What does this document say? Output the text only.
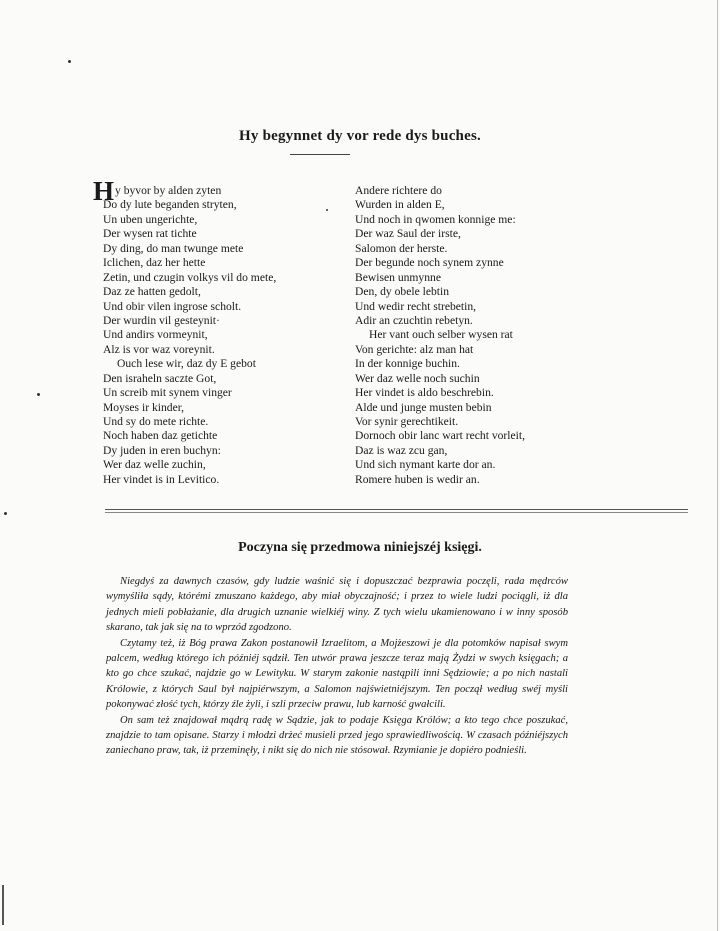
Hy begynnet dy vor rede dys buches.
H y byvor by alden zyten
Do dy lute beganden stryten,
Un uben ungerichte,
Der wysen rat tichte
Dy ding, do man twunge mete
Iclichen, daz her hette
Zetin, und czugin volkys vil do mete,
Daz ze hatten gedolt,
Und obir vilen ingrose scholt.
Der wurdin vil gesteynit·
Und andirs vormeynit,
Alz is vor waz voreynit.
Ouch lese wir, daz dy E gebot
Den israheln saczte Got,
Un screib mit synem vinger
Moyses ir kinder,
Und sy do mete richte.
Noch haben daz getichte
Dy juden in eren buchyn:
Wer daz welle zuchin,
Her vindet is in Levitico.
Andere richtere do
Wurden in alden E,
Und noch in qwomen konnige me:
Der waz Saul der irste,
Salomon der herste.
Der begunde noch synem zynne
Bewisen unmynne
Den, dy obele lebtin
Und wedir recht strebetin,
Adir an czuchtin rebetyn.
Her vant ouch selber wysen rat
Von gerichte: alz man hat
In der konnige buchin.
Wer daz welle noch suchin
Her vindet is aldo beschrebin.
Alde und junge musten bebin
Vor synir gerechtikeit.
Dornoch obir lanc wart recht vorleit,
Daz is waz zcu gan,
Und sich nymant karte dor an.
Romere huben is wedir an.
Poczyna się przedmowa niniejszéj księgi.

Niegdyś za dawnych czasów, gdy ludzie waśnić się i dopuszczać bezprawia poczęli, rada mędrców wymyśliła sądy, którémi zmuszano każdego, aby miał obyczajność; i przez to wiele ludzi pociągli, iż dla jednych mieli pobłażanie, dla drugich uznanie wielkiéj winy. Z tych wielu ukamienowano i w inny sposób skarano, tak jak się na to wprzód zgodzono.

Czytamy też, iż Bóg prawa Zakon postanowił Izraelitom, a Mojżeszowi je dla potomków napisał swym palcem, według którego ich późniéj sądził. Ten utwór prawa jeszcze teraz mają Żydzi w swych księgach; a kto go chce szukać, najdzie go w Lewityku. W starym zakonie nastąpili inni Sędziowie; a po nich nastali Królowie, z których Saul był najpiérwszym, a Salomon najświetniéjszym. Ten począł według swéj myśli pokonywać złość tych, którzy źle żyli, i szli przeciw prawu, lub karność gwałcili.

On sam też znajdował mądrą radę w Sądzie, jak to podaje Księga Królów; a kto tego chce poszukać, znajdzie to tam opisane. Starzy i młodzi drżeć musieli przed jego sprawiedliwością. W czasach późniéjszych zaniechano praw, tak, iż przeminęły, i nikt się do nich nie stósował. Rzymianie je dopiéro podnieśli.
